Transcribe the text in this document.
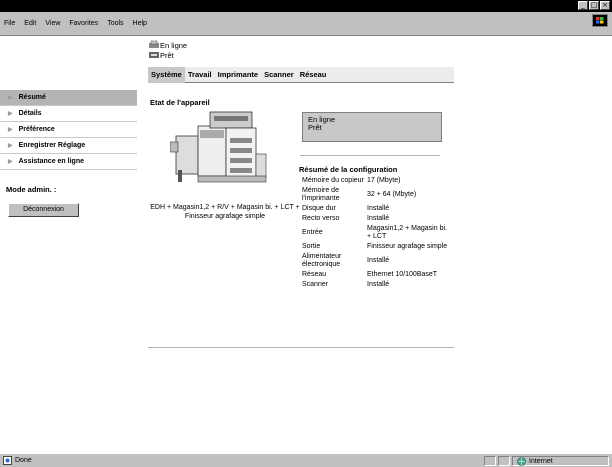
_ □ ×
File Edit View Favorites Tools Help
En ligne
Prêt
Système Travail Imprimante Scanner Réseau
▶ Résumé
▶ Détails
▶ Préférence
▶ Enregistrer Réglage
▶ Assistance en ligne
Mode admin. :
Déconnexion
Etat de l'appareil
EDH + Magasin1,2 + R/V + Magasin bi. + LCT + Finisseur agrafage simple
En ligne
Prêt
Résumé de la configuration
Mémoire du copieur	17 (Mbyte)
Mémoire de l'imprimante	32 + 64 (Mbyte)
Disque dur	Installé
Recto verso	Installé
Entrée	Magasin1,2 + Magasin bi. + LCT
Sortie	Finisseur agrafage simple
Alimentateur électronique	Installé
Réseau	Ethernet 10/100BaseT
Scanner	Installé
Done	Internet
